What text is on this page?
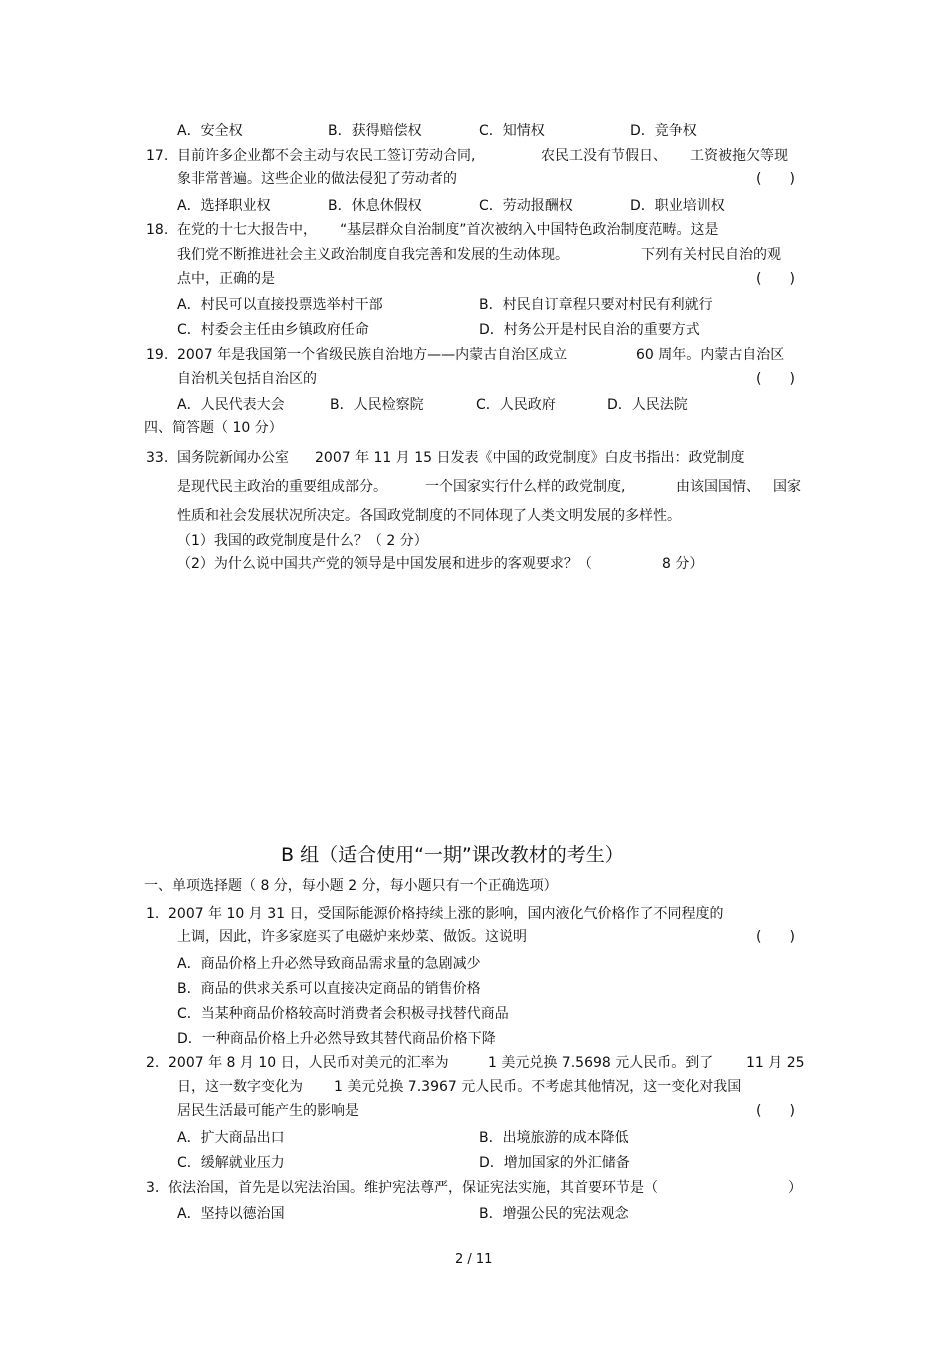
A．安全权	B．获得赔偿权	C．知情权	D．竞争权
17. 目前许多企业都不会主动与农民工签订劳动合同,	农民工没有节假日、 工资被拖欠等现
象非常普遍。这些企业的做法侵犯了劳动者的	(　　)
A．选择职业权	B．休息休假权	C．劳动报酬权	D．职业培训权
18. 在党的十七大报告中， “基层群众自治制度”首次被纳入中国特色政治制度范畴。这是
我们党不断推进社会主义政治制度自我完善和发展的生动体现。	下列有关村民自治的观
点中，正确的是	(　　)
A．村民可以直接投票选举村干部	B．村民自订章程只要对村民有利就行
C．村委会主任由乡镇政府任命	D．村务公开是村民自治的重要方式
19. 2007 年是我国第一个省级民族自治地方——内蒙古自治区成立	60 周年。内蒙古自治区
自治机关包括自治区的	(　　)
A．人民代表大会	B．人民检察院	C．人民政府	D．人民法院
四、简答题（ 10 分）
33. 国务院新闻办公室 2007 年 11 月 15 日发表《中国的政党制度》白皮书指出：政党制度
是现代民主政治的重要组成部分。	一个国家实行什么样的政党制度,	由该国国情、 国家
性质和社会发展状况所决定。各国政党制度的不同体现了人类文明发展的多样性。
（1）我国的政党制度是什么？（ 2 分）
（2）为什么说中国共产党的领导是中国发展和进步的客观要求？（	8 分）
B 组（适合使用“一期”课改教材的考生）
一、单项选择题（ 8 分，每小题 2 分，每小题只有一个正确选项）
1. 2007 年 10 月 31 日，受国际能源价格持续上涨的影响，国内液化气价格作了不同程度的
上调，因此，许多家庭买了电磁炉来炒菜、做饭。这说明	(　　)
A．商品价格上升必然导致商品需求量的急剧减少
B．商品的供求关系可以直接决定商品的销售价格
C．当某种商品价格较高时消费者会积极寻找替代商品
D．一种商品价格上升必然导致其替代商品价格下降
2. 2007 年 8 月 10 日，人民币对美元的汇率为	1 美元兑换 7.5698 元人民币。到了 11 月 25
日，这一数字变化为 1 美元兑换 7.3967 元人民币。不考虑其他情况，这一变化对我国
居民生活最可能产生的影响是	(　　)
A．扩大商品出口	B．出境旅游的成本降低
C．缓解就业压力	D．增加国家的外汇储备
3. 依法治国，首先是以宪法治国。维护宪法尊严，保证宪法实施，其首要环节是（	）
A．坚持以德治国	B．增强公民的宪法观念
2 / 11
